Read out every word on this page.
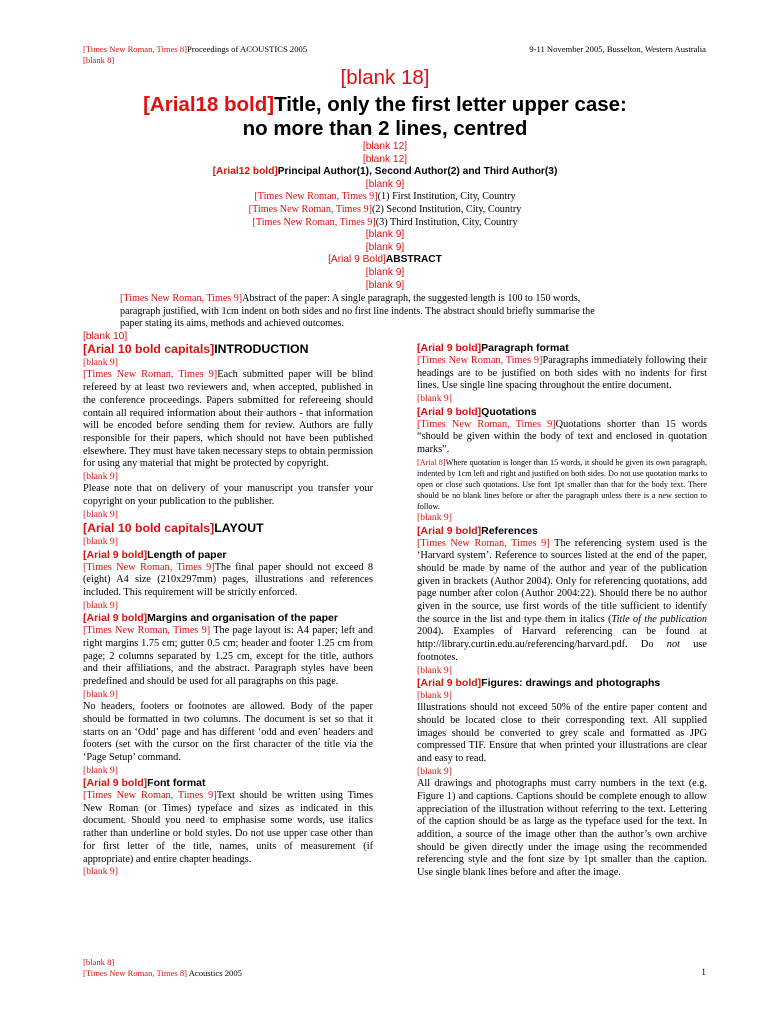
[Times New Roman, Times 8]Proceedings of ACOUSTICS 2005
[blank 8]
9-11 November 2005, Busselton, Western Australia
[blank 18]
[Arial18 bold]Title, only the first letter upper case:
no more than 2 lines, centred
[blank 12]
[blank 12]
[Arial12 bold]Principal Author(1), Second Author(2) and Third Author(3)
[blank 9]
[Times New Roman, Times 9](1) First Institution, City, Country
[Times New Roman, Times 9](2) Second Institution, City, Country
[Times New Roman, Times 9](3) Third Institution, City, Country
[blank 9]
[blank 9]
[Arial 9 Bold]ABSTRACT
[blank 9]
[blank 9]
[Times New Roman, Times 9]Abstract of the paper: A single paragraph, the suggested length is 100 to 150 words,
paragraph justified, with 1cm indent on both sides and no first line indents. The abstract should briefly summarise the
paper stating its aims, methods and achieved outcomes.
[blank 10]

[Arial 10 bold capitals]INTRODUCTION

[blank 9]

[Times New Roman, Times 9]Each submitted paper will be blind refereed by at least two reviewers and, when accepted, published in the conference proceedings. Papers submitted for refereeing should contain all required information about their authors - that information will be encoded before sending them for review. Authors are fully responsible for their papers, which should not have been published elsewhere. They must have taken necessary steps to obtain permission for using any material that might be protected by copyright.

[blank 9]

Please note that on delivery of your manuscript you transfer your copyright on your publication to the publisher.

[blank 9]

[Arial 10 bold capitals]LAYOUT

[blank 9]

[Arial 9 bold]Length of paper

[Times New Roman, Times 9]The final paper should not exceed 8 (eight) A4 size (210x297mm) pages, illustrations and references included. This requirement will be strictly enforced.

[blank 9]

[Arial 9 bold]Margins and organisation of the paper

[Times New Roman, Times 9] The page layout is: A4 paper; left and right margins 1.75 cm; gutter 0.5 cm; header and footer 1.25 cm from page; 2 columns separated by 1.25 cm, except for the title, authors and their affiliations, and the abstract. Paragraph styles have been predefined and should be used for all paragraphs on this page.

[blank 9]

No headers, footers or footnotes are allowed. Body of the paper should be formatted in two columns. The document is set so that it starts on an ‘Odd’ page and has different ‘odd and even’ headers and footers (set with the cursor on the first character of the title via the ‘Page Setup’ command.

[blank 9]

[Arial 9 bold]Font format

[Times New Roman, Times 9]Text should be written using Times New Roman (or Times) typeface and sizes as indicated in this document. Should you need to emphasise some words, use italics rather than underline or bold styles. Do not use upper case other than for first letter of the title, names, units of measurement (if appropriate) and entire chapter headings.

[blank 9]

[Arial 9 bold]Paragraph format

[Times New Roman, Times 9]Paragraphs immediately following their headings are to be justified on both sides with no indents for first lines. Use single line spacing throughout the entire document.

[blank 9]

[Arial 9 bold]Quotations

[Times New Roman, Times 9]Quotations shorter than 15 words “should be given within the body of text and enclosed in quotation marks”.

[Arial 8]Where quotation is longer than 15 words, it should be given its own paragraph, indented by 1cm left and right and justified on both sides. Do not use quotation marks to open or close such quotations. Use font 1pt smaller than that for the body text. There should be no blank lines before or after the paragraph unless there is a new section to follow.

[blank 9]

[Arial 9 bold]References

[Times New Roman, Times 9] The referencing system used is the ‘Harvard system’. Reference to sources listed at the end of the paper, should be made by name of the author and year of the publication given in brackets (Author 2004). Only for referencing quotations, add page number after colon (Author 2004:22). Should there be no author given in the source, use first words of the title sufficient to identify the source in the list and type them in italics (Title of the publication 2004). Examples of Harvard referencing can be found at http://library.curtin.edu.au/referencing/harvard.pdf. Do not use footnotes.

[blank 9]

[Arial 9 bold]Figures: drawings and photographs

[blank 9]

Illustrations should not exceed 50% of the entire paper content and should be located close to their corresponding text. All supplied images should be converted to grey scale and formatted as JPG compressed TIF. Ensure that when printed your illustrations are clear and easy to read.

[blank 9]

All drawings and photographs must carry numbers in the text (e.g. Figure 1) and captions. Captions should be complete enough to allow appreciation of the illustration without referring to the text. Lettering of the caption should be as large as the typeface used for the text. In addition, a source of the image other than the author’s own archive should be given directly under the image using the recommended referencing style and the font size by 1pt smaller than the caption. Use single blank lines before and after the image.

[blank 8]
[Times New Roman, Times 8] Acoustics 2005	1
